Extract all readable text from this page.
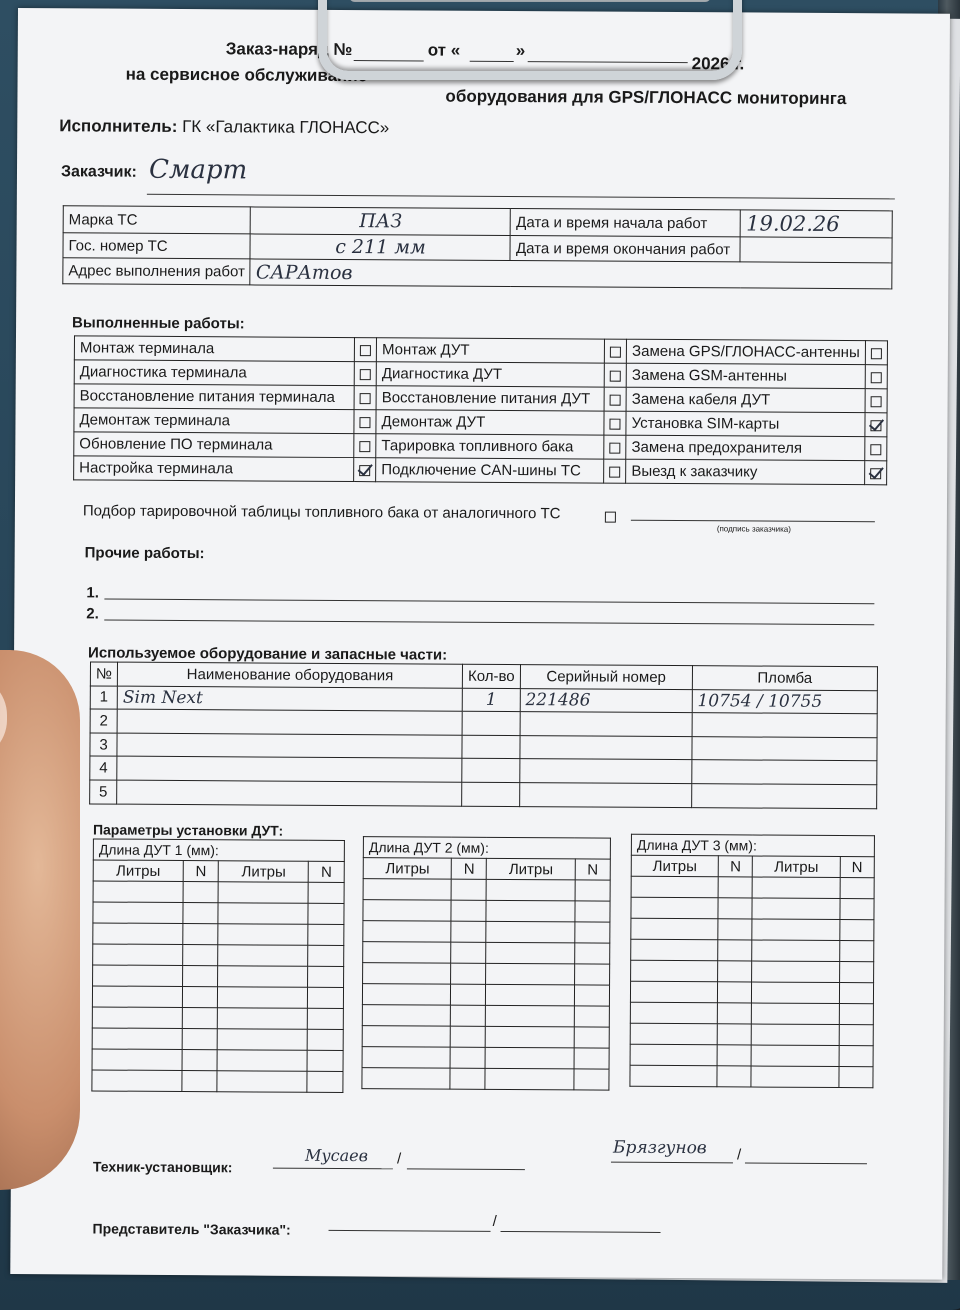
Заказ-наряд №	от «	»
2026 г.
на сервисное обслуживание
оборудования для GPS/ГЛОНАСС мониторинга
Исполнитель: ГК «Галактика ГЛОНАСС»
Заказчик: Смарт
Марка ТС	ПАЗ	Дата и время начала работ	19.02.26
Гос. номер ТС	с 211 мм	Дата и время окончания работ	
Адрес выполнения работ	САРАтов		
Выполненные работы:
Монтаж терминала		Монтаж ДУТ		Замена GPS/ГЛОНАСС-антенны	
Диагностика терминала		Диагностика ДУТ		Замена GSM-антенны	
Восстановление питания терминала		Восстановление питания ДУТ		Замена кабеля ДУТ	
Демонтаж терминала		Демонтаж ДУТ		Установка SIM-карты	
Обновление ПО терминала		Тарировка топливного бака		Замена предохранителя	
Настройка терминала		Подключение CAN-шины ТС		Выезд к заказчику	
Подбор тарировочной таблицы топливного бака от аналогичного ТС
(подпись заказчика)
Прочие работы:
1.
2.
Используемое оборудование и запасные части:
№	Наименование оборудования	Кол-во	Серийный номер	Пломба
1	Sim Next	1	221486	10754 / 10755
2				
3				
4				
5				
Параметры установки ДУТ:
Длина ДУТ 1 (мм):			
Литры	N	Литры	N

Длина ДУТ 2 (мм):			
Литры	N	Литры	N

Длина ДУТ 3 (мм):			
Литры	N	Литры	N

Техник-установщик:
Мусаев /
Брязгунов /
Представитель "Заказчика":	/
